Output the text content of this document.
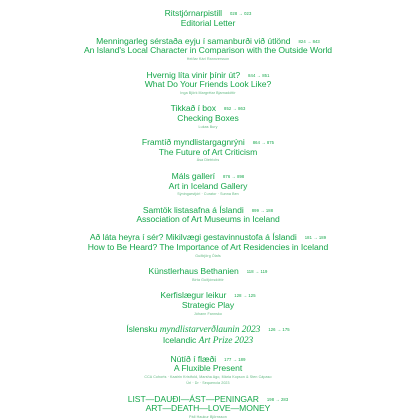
Ritstjórnarpistill 028 → 023
Editorial Letter
Menningarleg sérstaða eyju í samanburði við útlönd 824 → 843
An Island's Local Character in Comparison with the Outside World
Heiðar Kári Rannversson
Hvernig líta vinir þínir út? 844 → 851
What Do Your Friends Look Like?
Inga Björk Margrétar Bjarnadóttir
Tikkað í box 852 → 863
Checking Boxes
Lukas Bury
Framtíð myndlistargagnrýni 864 → 875
The Future of Art Criticism
Ása Dietrichs
Máls gallerí 876 → 898
Art in Iceland Gallery
Sýningarstjóri · Curator · Sunna Ben
Samtök listasafna á Íslandi 899 → 188
Association of Art Museums in Iceland
Að láta heyra í sér? Mikilvægi gestavinnustofa á Íslandi 181 → 189
How to Be Heard? The Importance of Art Residencies in Iceland
Guðbjörg Ólafs
Künstlerhaus Bethanien 118 → 119
Birta Guðjónsdóttir
Kerfislægur leikur 128 → 125
Strategic Play
Jóhann Fannsko
Íslensku myndlistarverðlaunin 2023 126 → 175
Icelandic Art Prize 2023
Nútíð í flæði 177 → 189
A Fluxible Present
CCA Cohorts · Kaatrin Kristfold, Marsha Ago, Mária Kopson & Sten Cápaso
Úrl · Dr · Sequencia 2023
LIST—DAUÐI—ÁST—PENINGAR 198 → 283
ART—DEATH—LOVE—MONEY
Páll Haukur Björnsson
